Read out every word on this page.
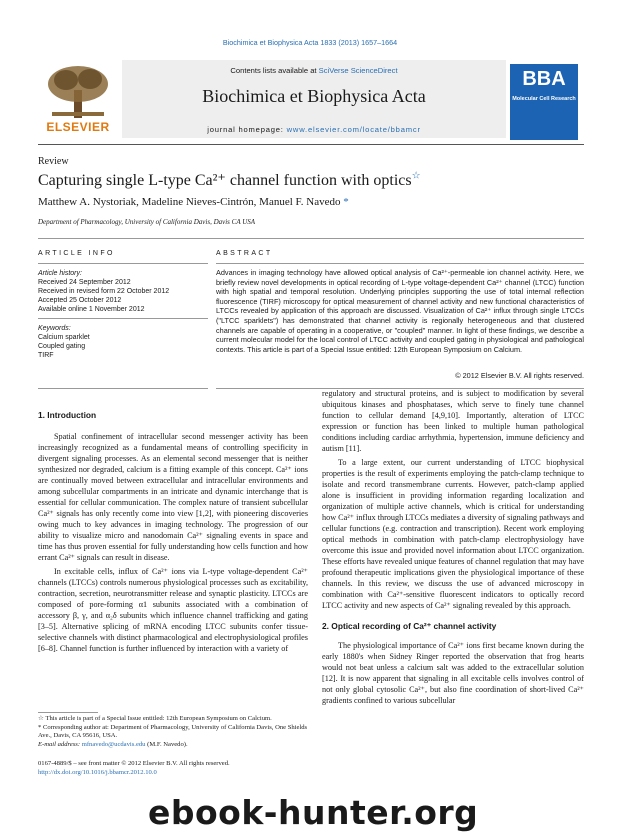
Biochimica et Biophysica Acta 1833 (2013) 1657–1664
ELSEVIER
Contents lists available at SciVerse ScienceDirect
Biochimica et Biophysica Acta
journal homepage: www.elsevier.com/locate/bbamcr
BBA
Molecular Cell Research
Review
Capturing single L-type Ca²⁺ channel function with optics☆
Matthew A. Nystoriak, Madeline Nieves-Cintrón, Manuel F. Navedo *
Department of Pharmacology, University of California Davis, Davis CA USA
ARTICLE INFO
Article history:
Received 24 September 2012
Received in revised form 22 October 2012
Accepted 25 October 2012
Available online 1 November 2012
Keywords:
Calcium sparklet
Coupled gating
TIRF
ABSTRACT
Advances in imaging technology have allowed optical analysis of Ca²⁺-permeable ion channel activity. Here, we briefly review novel developments in optical recording of L-type voltage-dependent Ca²⁺ channel (LTCC) function with high spatial and temporal resolution. Underlying principles supporting the use of total internal reflection fluorescence (TIRF) microscopy for optical measurement of channel activity and new functional characteristics of LTCCs revealed by application of this approach are discussed. Visualization of Ca²⁺ influx through single LTCCs ("LTCC sparklets") has demonstrated that channel activity is regionally heterogeneous and that clustered channels are capable of operating in a cooperative, or "coupled" manner. In light of these findings, we describe a current molecular model for the local control of LTCC activity and coupled gating in physiological and pathological contexts. This article is part of a Special Issue entitled: 12th European Symposium on Calcium.
© 2012 Elsevier B.V. All rights reserved.
1. Introduction

Spatial confinement of intracellular second messenger activity has been increasingly recognized as a fundamental means of controlling specificity in divergent signaling processes. As an elemental second messenger that is neither synthesized nor degraded, calcium is a fitting example of this concept. Ca²⁺ ions are continually moved between extracellular and intracellular environments and among subcellular compartments in an intricate and dynamic interchange that is essential for cellular communication. The complex nature of transient subcellular Ca²⁺ signals has only recently come into view [1,2], with pioneering discoveries owing much to key advances in imaging technology. The progression of our ability to visualize micro and nanodomain Ca²⁺ signaling events in space and time has thus proven essential for fully understanding how cells function and how errant Ca²⁺ signals can result in disease.

In excitable cells, influx of Ca²⁺ ions via L-type voltage-dependent Ca²⁺ channels (LTCCs) controls numerous physiological processes such as excitability, contraction, secretion, neurotransmitter release and synaptic plasticity. LTCCs are composed of pore-forming α1 subunits associated with a combination of accessory β, γ, and α₂δ subunits which influence channel trafficking and gating [3–5]. Alternative splicing of mRNA encoding LTCC subunits confer tissue-selective channels with distinct pharmacological and electrophysiological profiles [6–8]. Channel function is further influenced by interaction with a variety of

regulatory and structural proteins, and is subject to modification by several ubiquitous kinases and phosphatases, which serve to finely tune channel function to cellular demand [4,9,10]. Importantly, alteration of LTCC expression or function has been linked to multiple human pathological conditions including cardiac arrhythmia, hypertension, immune deficiency and autism [11].

To a large extent, our current understanding of LTCC biophysical properties is the result of experiments employing the patch-clamp technique to isolate and record transmembrane currents. However, patch-clamp applied alone is insufficient in providing information regarding localization and organization of multiple active channels, which is critical for understanding how Ca²⁺ influx through LTCCs mediates a diversity of signaling pathways and cellular functions (e.g. contraction and transcription). Recent work employing optical methods in combination with patch-clamp electrophysiology have overcome this issue and provided novel information about LTCC organization. These efforts have revealed unique features of channel regulation that may have profound therapeutic implications given the physiological importance of these channels. In this review, we discuss the use of advanced microscopy in combination with Ca²⁺-sensitive fluorescent indicators to optically record LTCC activity and new aspects of Ca²⁺ signaling revealed by this approach.

2. Optical recording of Ca²⁺ channel activity

The physiological importance of Ca²⁺ ions first became known during the early 1880's when Sidney Ringer reported the observation that frog hearts would not beat unless a calcium salt was added to the extracellular solution [12]. It is now apparent that signaling in all excitable cells involves control of not only global cytosolic Ca²⁺, but also fine coordination of short-lived Ca²⁺ gradients confined to various subcellular

☆ This article is part of a Special Issue entitled: 12th European Symposium on Calcium.
* Corresponding author at: Department of Pharmacology, University of California Davis, One Shields Ave., Davis, CA 95616, USA.
E-mail address: mfnavedo@ucdavis.edu (M.F. Navedo).
0167-4889/$ – see front matter © 2012 Elsevier B.V. All rights reserved.
http://dx.doi.org/10.1016/j.bbamcr.2012.10.0
ebook-hunter.org
